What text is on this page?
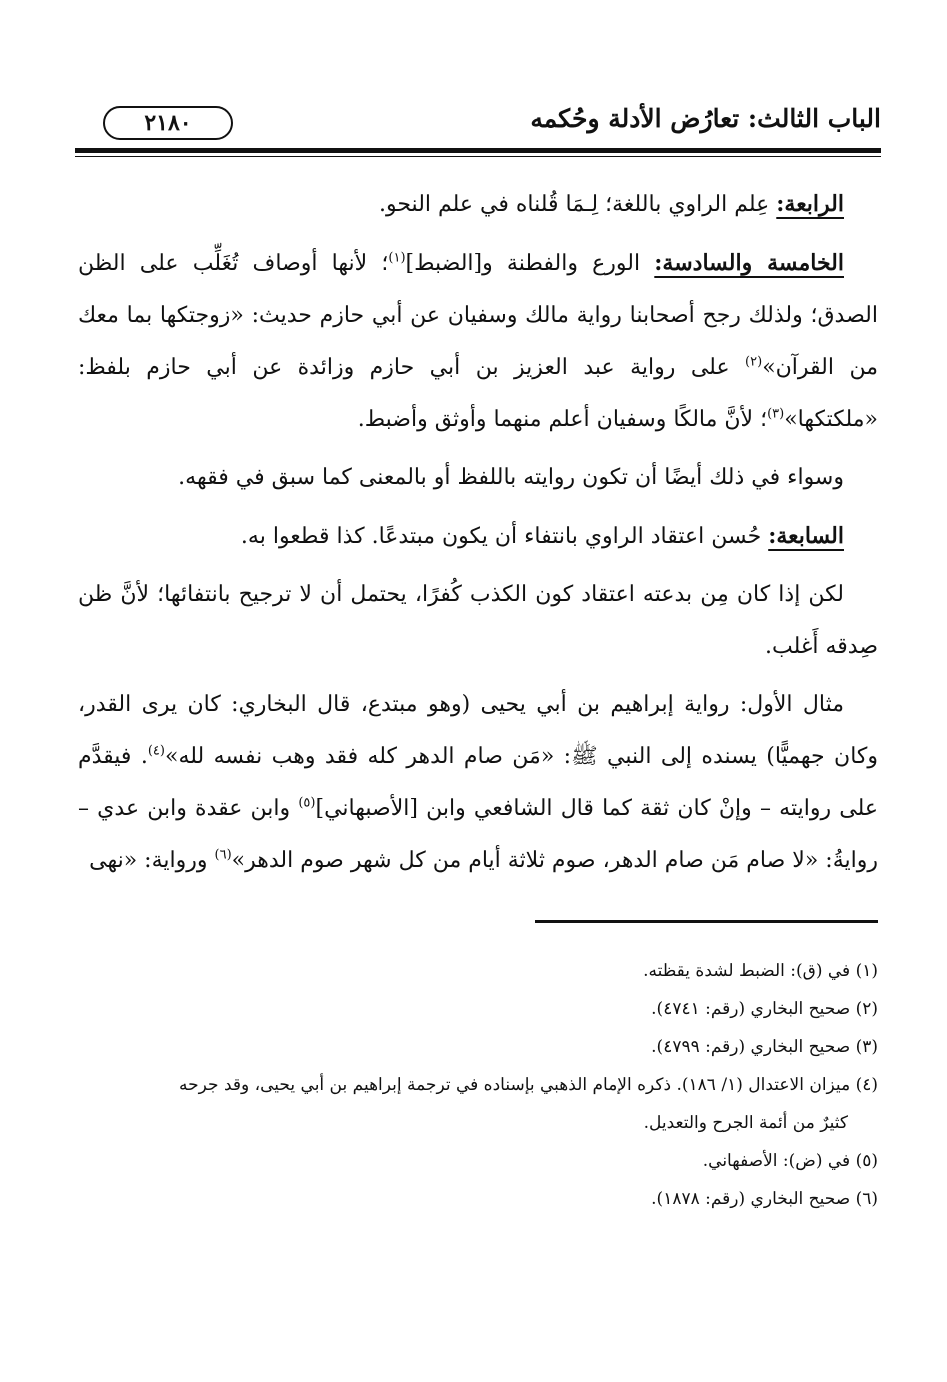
الباب الثالث: تعارُض الأدلة وحُكمه
٢١٨٠

الرابعة: عِلم الراوي باللغة؛ لِـمَا قُلناه في علم النحو.

الخامسة والسادسة: الورع والفطنة و[الضبط]$^{(١)}$؛ لأنها أوصاف تُغَلِّب على الظن الصدق؛ ولذلك رجح أصحابنا رواية مالك وسفيان عن أبي حازم حديث: «زوجتكها بما معك من القرآن»$^{(٢)}$ على رواية عبد العزيز بن أبي حازم وزائدة عن أبي حازم بلفظ: «ملكتكها»$^{(٣)}$؛ لأنَّ مالكًا وسفيان أعلم منهما وأوثق وأضبط.

وسواء في ذلك أيضًا أن تكون روايته باللفظ أو بالمعنى كما سبق في فقهه.

السابعة: حُسن اعتقاد الراوي بانتفاء أن يكون مبتدعًا. كذا قطعوا به.

لكن إذا كان مِن بدعته اعتقاد كون الكذب كُفرًا، يحتمل أن لا ترجيح بانتفائها؛ لأنَّ ظن صِدقه أَغلب.

مثال الأول: رواية إبراهيم بن أبي يحيى (وهو مبتدع، قال البخاري: كان يرى القدر، وكان جهميًّا) يسنده إلى النبي ﷺ: «مَن صام الدهر كله فقد وهب نفسه لله»$^{(٤)}$. فيقدَّم على روايته – وإنْ كان ثقة كما قال الشافعي وابن [الأصبهاني]$^{(٥)}$ وابن عقدة وابن عدي – روايةُ: «لا صام مَن صام الدهر، صوم ثلاثة أيام من كل شهر صوم الدهر»$^{(٦)}$ ورواية: «نهى

(١) في (ق): الضبط لشدة يقظته.

(٢) صحيح البخاري (رقم: ٤٧٤١).

(٣) صحيح البخاري (رقم: ٤٧٩٩).

(٤) ميزان الاعتدال (١/ ١٨٦). ذكره الإمام الذهبي بإسناده في ترجمة إبراهيم بن أبي يحيى، وقد جرحه

كثيرٌ من أئمة الجرح والتعديل.

(٥) في (ض): الأصفهاني.

(٦) صحيح البخاري (رقم: ١٨٧٨).
